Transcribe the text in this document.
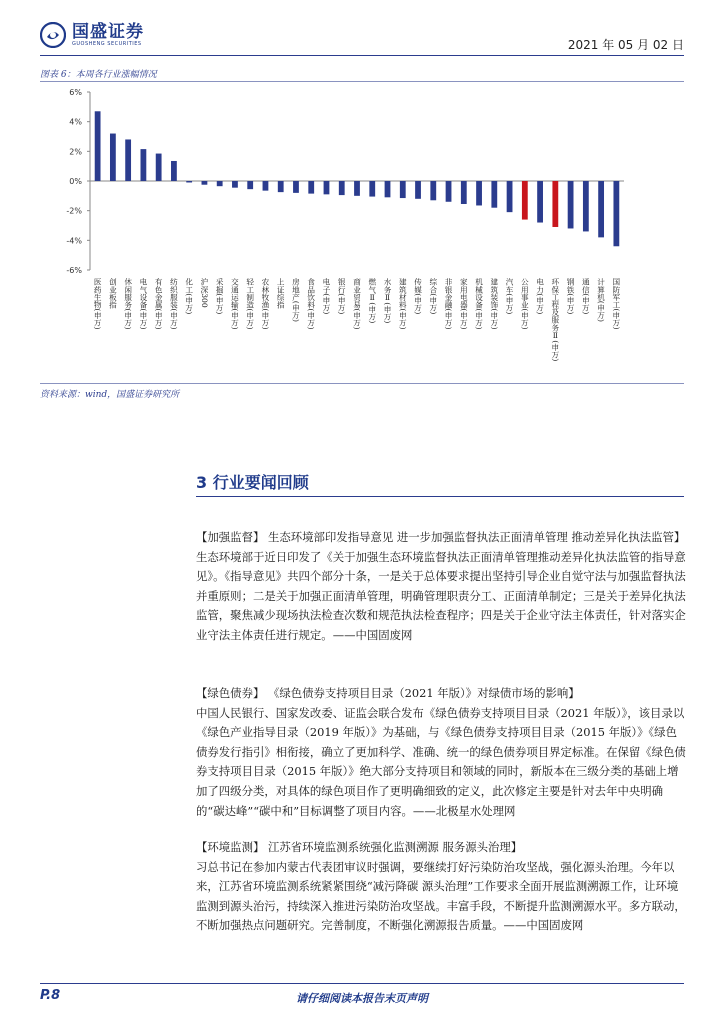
国盛证券
GUOSHENG SECURITIES	2021 年 05 月 02 日
图表 6：本周各行业涨幅情况
6%
4%
2%
0%
-2%
-4%
-6%
医药生物(申万) 创业板指 休闲服务(申万) 电气设备(申万) 有色金属(申万) 纺织服装(申万) 化工(申万) 沪深300 采掘(申万) 交通运输(申万) 轻工制造(申万) 农林牧渔(申万) 上证综指 房地产(申万) 食品饮料(申万) 电子(申万) 银行(申万) 商业贸易(申万) 燃气Ⅱ(申万) 水务Ⅱ(申万) 建筑材料(申万) 传媒(申万) 综合(申万) 非银金融(申万) 家用电器(申万) 机械设备(申万) 建筑装饰(申万) 汽车(申万) 公用事业(申万) 电力(申万) 环保工程及服务Ⅱ(申万) 钢铁(申万) 通信(申万) 计算机(申万) 国防军工(申万)
资料来源：wind，国盛证券研究所
3 行业要闻回顾

【加强监督】 生态环境部印发指导意见 进一步加强监督执法正面清单管理 推动差异化执法监管】

生态环境部于近日印发了《关于加强生态环境监督执法正面清单管理推动差异化执法监管的指导意见》。《指导意见》共四个部分十条，一是关于总体要求提出坚持引导企业自觉守法与加强监督执法并重原则；二是关于加强正面清单管理，明确管理职责分工、正面清单制定；三是关于差异化执法监管，聚焦减少现场执法检查次数和规范执法检查程序；四是关于企业守法主体责任，针对落实企业守法主体责任进行规定。——中国固废网

【绿色债券】 《绿色债券支持项目目录（2021 年版）》对绿债市场的影响】

中国人民银行、国家发改委、证监会联合发布《绿色债券支持项目目录（2021 年版）》，该目录以《绿色产业指导目录（2019 年版）》为基础，与《绿色债券支持项目目录（2015 年版）》《绿色债券发行指引》相衔接，确立了更加科学、准确、统一的绿色债券项目界定标准。在保留《绿色债券支持项目目录（2015 年版）》绝大部分支持项目和领域的同时，新版本在三级分类的基础上增加了四级分类，对具体的绿色项目作了更明确细致的定义，此次修定主要是针对去年中央明确的“碳达峰”“碳中和”目标调整了项目内容。——北极星水处理网

【环境监测】 江苏省环境监测系统强化监测溯源 服务源头治理】

习总书记在参加内蒙古代表团审议时强调，要继续打好污染防治攻坚战，强化源头治理。今年以来，江苏省环境监测系统紧紧围绕“减污降碳 源头治理”工作要求全面开展监测溯源工作，让环境监测到源头治污，持续深入推进污染防治攻坚战。丰富手段，不断提升监测溯源水平。多方联动，不断加强热点问题研究。完善制度，不断强化溯源报告质量。——中国固废网

P.8	请仔细阅读本报告末页声明
